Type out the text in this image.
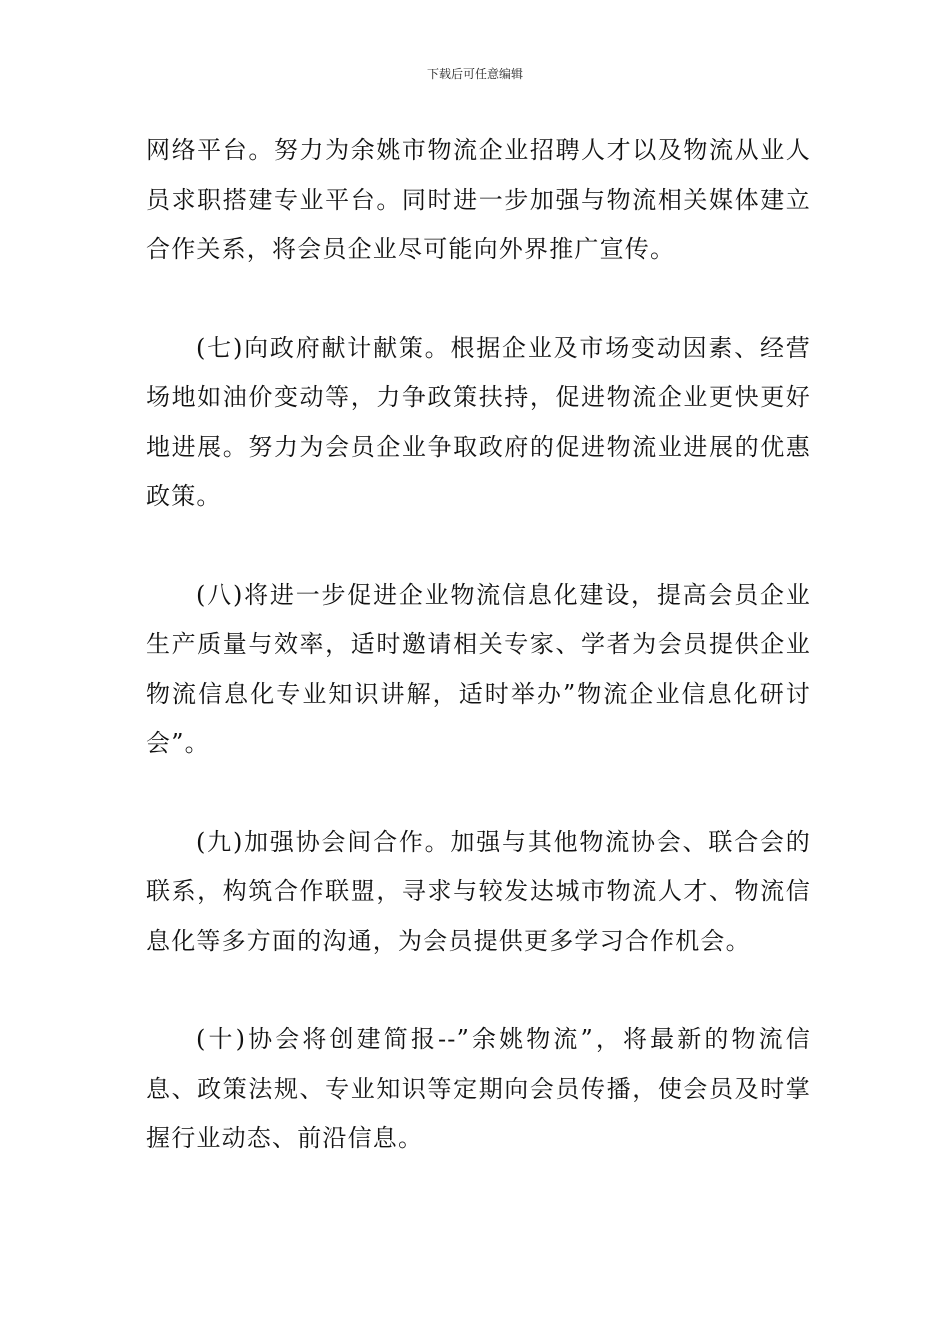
下载后可任意编辑

网络平台。努力为余姚市物流企业招聘人才以及物流从业人员求职搭建专业平台。同时进一步加强与物流相关媒体建立合作关系，将会员企业尽可能向外界推广宣传。

(七)向政府献计献策。根据企业及市场变动因素、经营场地如油价变动等，力争政策扶持，促进物流企业更快更好地进展。努力为会员企业争取政府的促进物流业进展的优惠政策。

(八)将进一步促进企业物流信息化建设，提高会员企业生产质量与效率，适时邀请相关专家、学者为会员提供企业物流信息化专业知识讲解，适时举办”物流企业信息化研讨会”。

(九)加强协会间合作。加强与其他物流协会、联合会的联系，构筑合作联盟，寻求与较发达城市物流人才、物流信息化等多方面的沟通，为会员提供更多学习合作机会。

(十)协会将创建简报--”余姚物流”，将最新的物流信息、政策法规、专业知识等定期向会员传播，使会员及时掌握行业动态、前沿信息。
